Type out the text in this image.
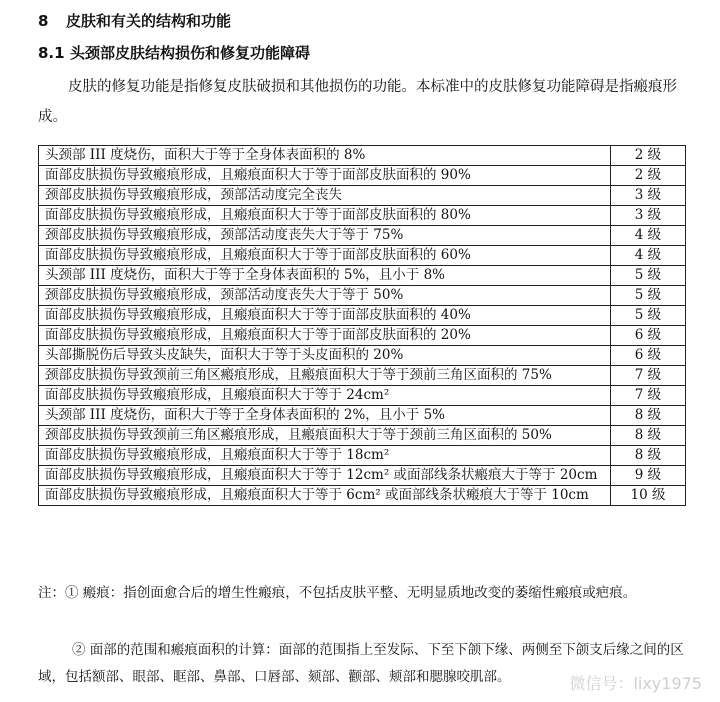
8 皮肤和有关的结构和功能
8.1 头颈部皮肤结构损伤和修复功能障碍
皮肤的修复功能是指修复皮肤破损和其他损伤的功能。本标准中的皮肤修复功能障碍是指瘢痕形成。
头颈部 III 度烧伤，面积大于等于全身体表面积的 8%	2 级
面部皮肤损伤导致瘢痕形成，且瘢痕面积大于等于面部皮肤面积的 90%	2 级
颈部皮肤损伤导致瘢痕形成，颈部活动度完全丧失	3 级
面部皮肤损伤导致瘢痕形成，且瘢痕面积大于等于面部皮肤面积的 80%	3 级
颈部皮肤损伤导致瘢痕形成，颈部活动度丧失大于等于 75%	4 级
面部皮肤损伤导致瘢痕形成，且瘢痕面积大于等于面部皮肤面积的 60%	4 级
头颈部 III 度烧伤，面积大于等于全身体表面积的 5%，且小于 8%	5 级
颈部皮肤损伤导致瘢痕形成，颈部活动度丧失大于等于 50%	5 级
面部皮肤损伤导致瘢痕形成，且瘢痕面积大于等于面部皮肤面积的 40%	5 级
面部皮肤损伤导致瘢痕形成，且瘢痕面积大于等于面部皮肤面积的 20%	6 级
头部撕脱伤后导致头皮缺失，面积大于等于头皮面积的 20%	6 级
颈部皮肤损伤导致颈前三角区瘢痕形成，且瘢痕面积大于等于颈前三角区面积的 75%	7 级
面部皮肤损伤导致瘢痕形成，且瘢痕面积大于等于 24cm²	7 级
头颈部 III 度烧伤，面积大于等于全身体表面积的 2%，且小于 5%	8 级
颈部皮肤损伤导致颈前三角区瘢痕形成，且瘢痕面积大于等于颈前三角区面积的 50%	8 级
面部皮肤损伤导致瘢痕形成，且瘢痕面积大于等于 18cm²	8 级
面部皮肤损伤导致瘢痕形成，且瘢痕面积大于等于 12cm² 或面部线条状瘢痕大于等于 20cm	9 级
面部皮肤损伤导致瘢痕形成，且瘢痕面积大于等于 6cm² 或面部线条状瘢痕大于等于 10cm	10 级
注：① 瘢痕：指创面愈合后的增生性瘢痕，不包括皮肤平整、无明显质地改变的萎缩性瘢痕或疤痕。
② 面部的范围和瘢痕面积的计算：面部的范围指上至发际、下至下颌下缘、两侧至下颌支后缘之间的区域，包括额部、眼部、眶部、鼻部、口唇部、颏部、颧部、颊部和腮腺咬肌部。	微信号：lixy1975
